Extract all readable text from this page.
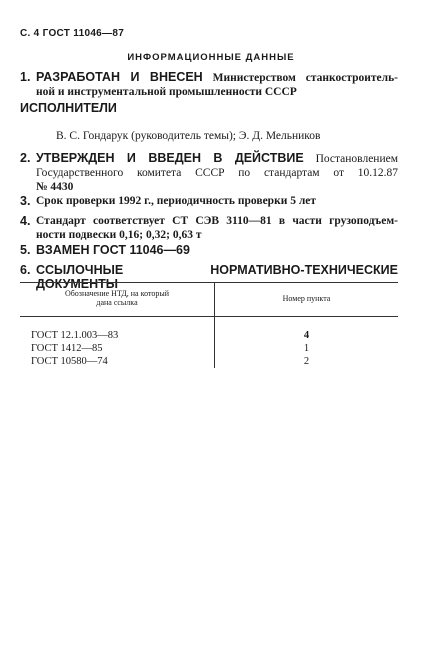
С. 4 ГОСТ 11046—87
ИНФОРМАЦИОННЫЕ ДАННЫЕ
1. РАЗРАБОТАН И ВНЕСЕН Министерством станкостроитель-
ной и инструментальной промышленности СССР
ИСПОЛНИТЕЛИ
В. С. Гондарук (руководитель темы); Э. Д. Мельников
2. УТВЕРЖДЕН И ВВЕДЕН В ДЕЙСТВИЕ Постановлением
Государственного комитета СССР по стандартам от 10.12.87
№ 4430
3. Срок проверки 1992 г., периодичность проверки 5 лет
4. Стандарт соответствует СТ СЭВ 3110—81 в части грузоподъем-
ности подвески 0,16; 0,32; 0,63 т
5. ВЗАМЕН ГОСТ 11046—69
6. ССЫЛОЧНЫЕ НОРМАТИВНО-ТЕХНИЧЕСКИЕ ДОКУМЕНТЫ
Обозначение НТД, на который
дана ссылка	Номер пункта
ГОСТ 12.1.003—83	4
ГОСТ 1412—85	1
ГОСТ 10580—74	2
